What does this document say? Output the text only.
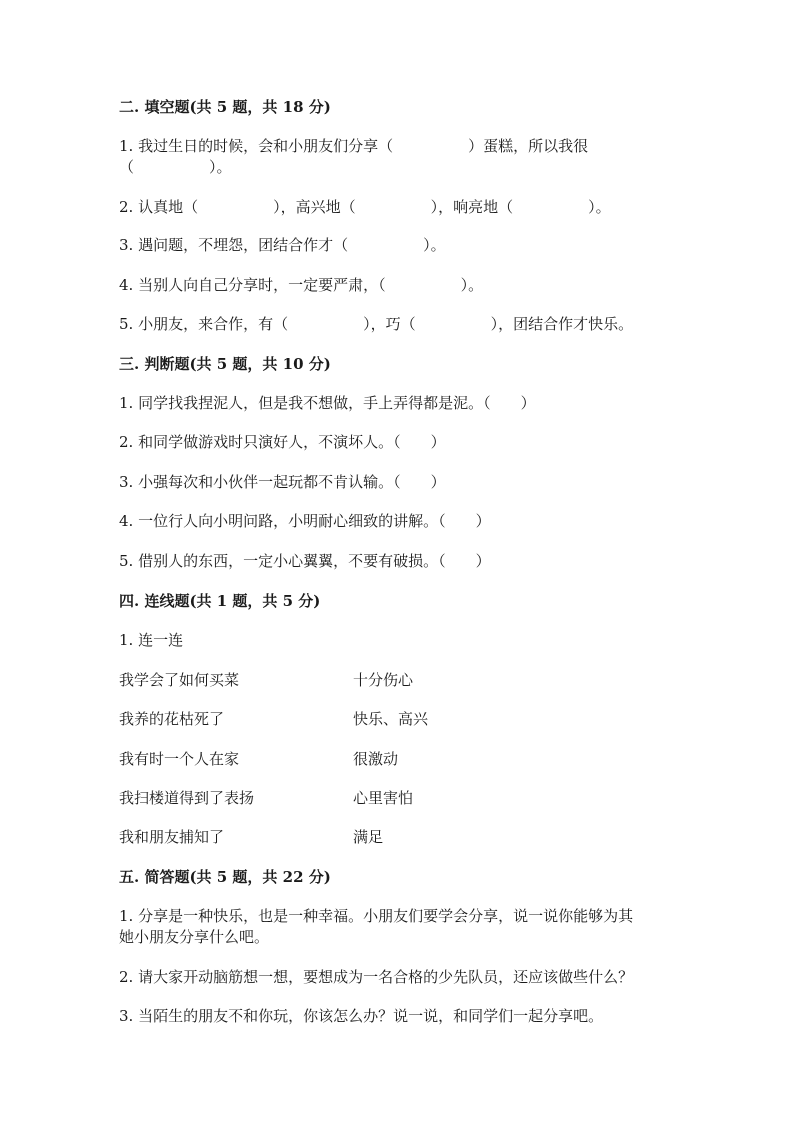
二. 填空题(共 5 题，共 18 分)
1. 我过生日的时候，会和小朋友们分享（　　　　　）蛋糕，所以我很
（　　　　　）。
2. 认真地（　　　　　），高兴地（　　　　　），响亮地（　　　　　）。
3. 遇问题，不埋怨，团结合作才（　　　　　）。
4. 当别人向自己分享时，一定要严肃，（　　　　　）。
5. 小朋友，来合作，有（　　　　　），巧（　　　　　），团结合作才快乐。
三. 判断题(共 5 题，共 10 分)
1. 同学找我捏泥人，但是我不想做，手上弄得都是泥。（　　）
2. 和同学做游戏时只演好人，不演坏人。（　　）
3. 小强每次和小伙伴一起玩都不肯认输。（　　）
4. 一位行人向小明问路，小明耐心细致的讲解。（　　）
5. 借别人的东西，一定小心翼翼，不要有破损。（　　）
四. 连线题(共 1 题，共 5 分)
1. 连一连
我学会了如何买菜	十分伤心
我养的花枯死了	快乐、高兴
我有时一个人在家	很激动
我扫楼道得到了表扬	心里害怕
我和朋友捕知了	满足
五. 简答题(共 5 题，共 22 分)
1. 分享是一种快乐，也是一种幸福。小朋友们要学会分享，说一说你能够为其
她小朋友分享什么吧。
2. 请大家开动脑筋想一想，要想成为一名合格的少先队员，还应该做些什么？
3. 当陌生的朋友不和你玩，你该怎么办？说一说，和同学们一起分享吧。
